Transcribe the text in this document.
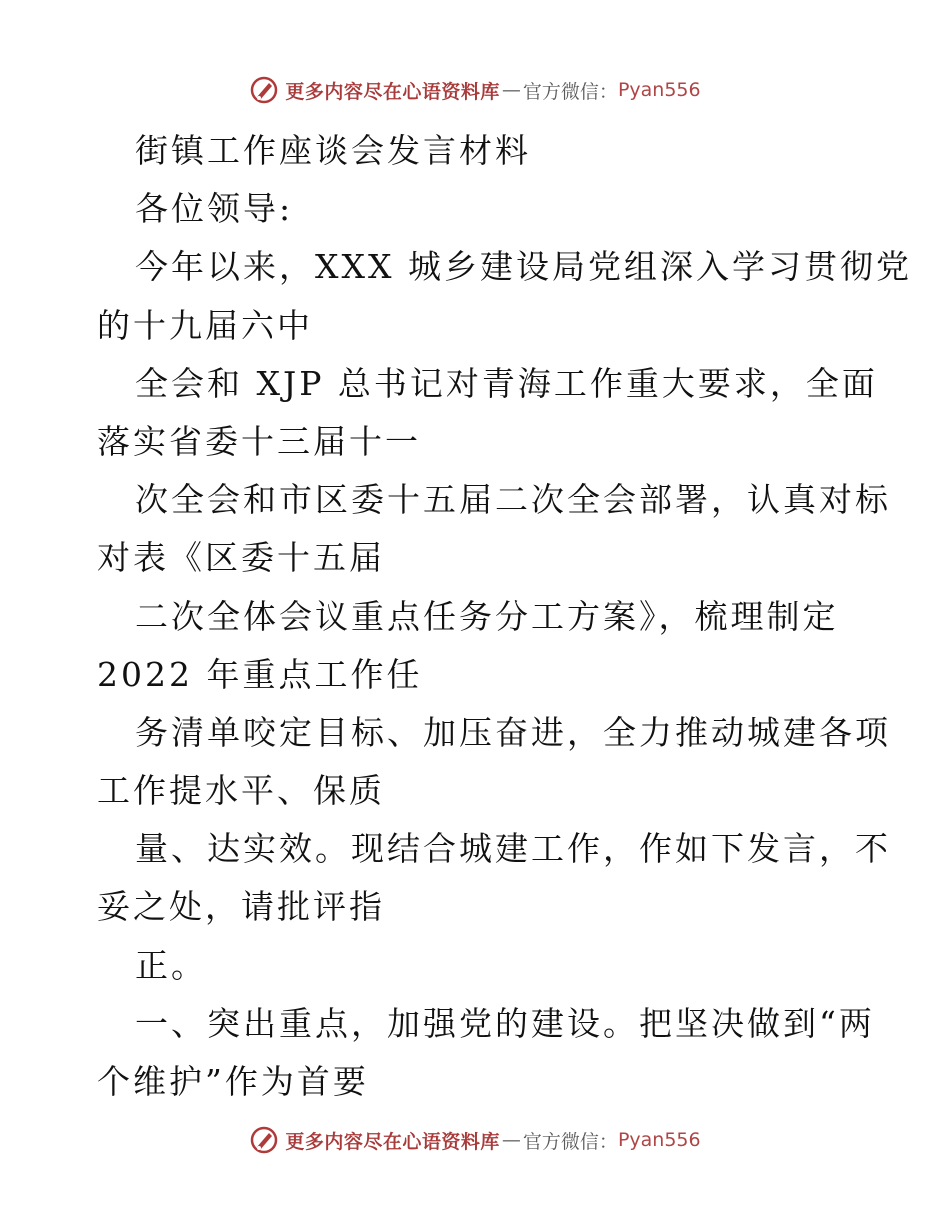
更多内容尽在心语资料库 — 官方微信： Pyan556
街镇工作座谈会发言材料
各位领导:
今年以来，XXX 城乡建设局党组深入学习贯彻党
的十九届六中
全会和 XJP 总书记对青海工作重大要求，全面
落实省委十三届十一
次全会和市区委十五届二次全会部署，认真对标
对表《区委十五届
二次全体会议重点任务分工方案》，梳理制定
2022 年重点工作任
务清单咬定目标、加压奋进，全力推动城建各项
工作提水平、保质
量、达实效。现结合城建工作，作如下发言，不
妥之处，请批评指
正。
一、突出重点，加强党的建设。把坚决做到“两
个维护”作为首要
更多内容尽在心语资料库 — 官方微信： Pyan556
